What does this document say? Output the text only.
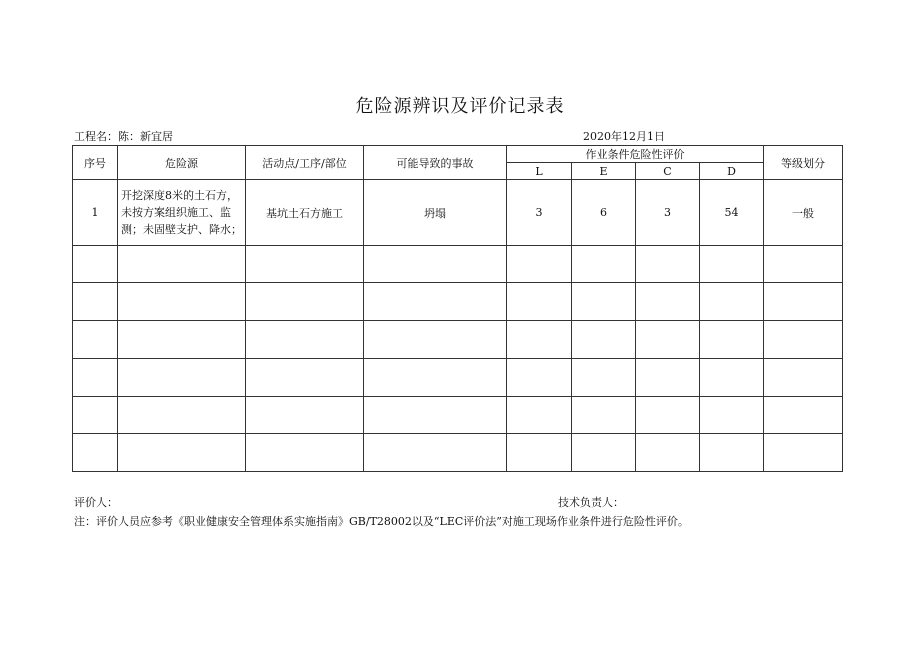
危险源辨识及评价记录表
工程名：陈：新宜居	2020年12月1日
序号	危险源	活动点/工序/部位	可能导致的事故	作业条件危险性评价				等级划分
				L	E	C	D	
1	开挖深度8米的土石方，未按方案组织施工、监测；未固壁支护、降水；	基坑土石方施工	坍塌	3	6	3	54	一般

评价人：	技术负责人：
注：评价人员应参考《职业健康安全管理体系实施指南》GB/T28002以及“LEC评价法”对施工现场作业条件进行危险性评价。
